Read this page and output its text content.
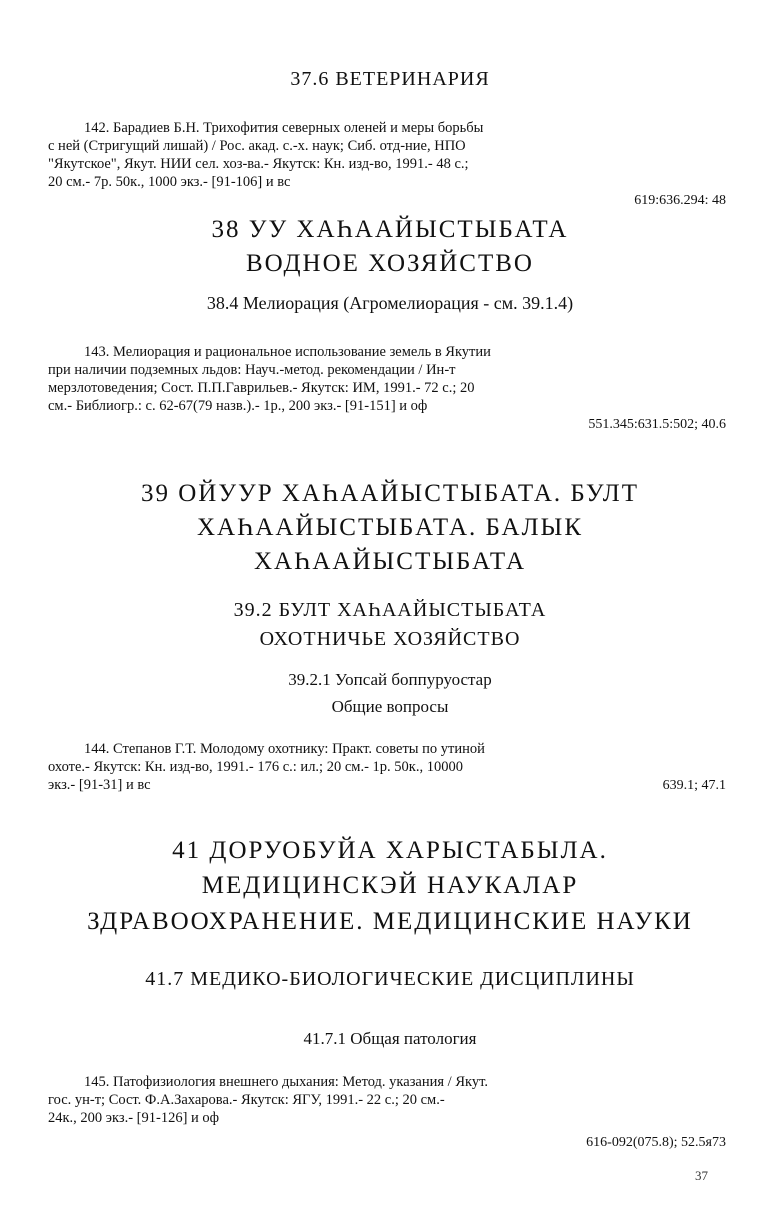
37.6 ВЕТЕРИНАРИЯ

142. Барадиев Б.Н. Трихофития северных оленей и меры борьбы
с ней (Стригущий лишай) / Рос. акад. с.-х. наук; Сиб. отд-ние, НПО
"Якутское", Якут. НИИ сел. хоз-ва.- Якутск: Кн. изд-во, 1991.- 48 с.;
20 см.- 7р. 50к., 1000 экз.- [91-106] и вс

619:636.294: 48

38 УУ ХАҺААЙЫСТЫБАТА

ВОДНОЕ ХОЗЯЙСТВО

38.4 Мелиорация (Агромелиорация - см. 39.1.4)

143. Мелиорация и рациональное использование земель в Якутии
при наличии подземных льдов: Науч.-метод. рекомендации / Ин-т
мерзлотоведения; Сост. П.П.Гаврильев.- Якутск: ИМ, 1991.- 72 с.; 20
см.- Библиогр.: с. 62-67(79 назв.).- 1р., 200 экз.- [91-151] и оф

551.345:631.5:502; 40.6

39 ОЙУУР ХАҺААЙЫСТЫБАТА. БУЛТ

ХАҺААЙЫСТЫБАТА. БАЛЫК

ХАҺААЙЫСТЫБАТА

39.2 БУЛТ ХАҺААЙЫСТЫБАТА

ОХОТНИЧЬЕ ХОЗЯЙСТВО

39.2.1 Уопсай боппуруостар

Общие вопросы

144. Степанов Г.Т. Молодому охотнику: Практ. советы по утиной
охоте.- Якутск: Кн. изд-во, 1991.- 176 с.: ил.; 20 см.- 1р. 50к., 10000
экз.- [91-31] и вс	639.1; 47.1

41 ДОРУОБУЙА ХАРЫСТАБЫЛА.

МЕДИЦИНСКЭЙ НАУКАЛАР

ЗДРАВООХРАНЕНИЕ. МЕДИЦИНСКИЕ НАУКИ

41.7 МЕДИКО-БИОЛОГИЧЕСКИЕ ДИСЦИПЛИНЫ

41.7.1 Общая патология

145. Патофизиология внешнего дыхания: Метод. указания / Якут.
гос. ун-т; Сост. Ф.А.Захарова.- Якутск: ЯГУ, 1991.- 22 с.; 20 см.-
24к., 200 экз.- [91-126] и оф

616-092(075.8); 52.5я73

37
